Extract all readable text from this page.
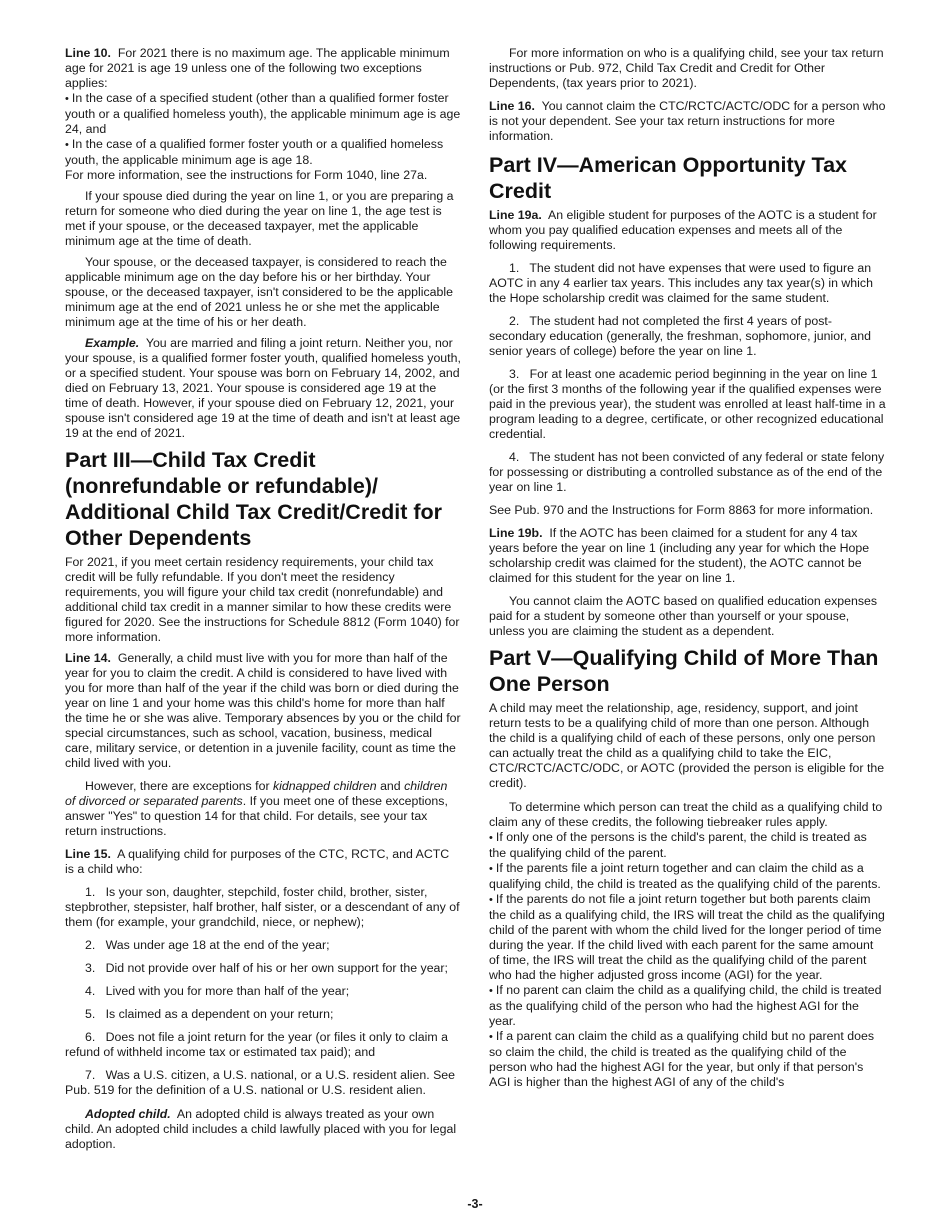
Line 10. For 2021 there is no maximum age. The applicable minimum age for 2021 is age 19 unless one of the following two exceptions applies:

• In the case of a specified student (other than a qualified former foster youth or a qualified homeless youth), the applicable minimum age is age 24, and

• In the case of a qualified former foster youth or a qualified homeless youth, the applicable minimum age is age 18.

For more information, see the instructions for Form 1040, line 27a.

If your spouse died during the year on line 1, or you are preparing a return for someone who died during the year on line 1, the age test is met if your spouse, or the deceased taxpayer, met the applicable minimum age at the time of death.

Your spouse, or the deceased taxpayer, is considered to reach the applicable minimum age on the day before his or her birthday. Your spouse, or the deceased taxpayer, isn't considered to be the applicable minimum age at the end of 2021 unless he or she met the applicable minimum age at the time of his or her death.

Example. You are married and filing a joint return. Neither you, nor your spouse, is a qualified former foster youth, qualified homeless youth, or a specified student. Your spouse was born on February 14, 2002, and died on February 13, 2021. Your spouse is considered age 19 at the time of death. However, if your spouse died on February 12, 2021, your spouse isn't considered age 19 at the time of death and isn't at least age 19 at the end of 2021.

Part III—Child Tax Credit (nonrefundable or refundable)/ Additional Child Tax Credit/Credit for Other Dependents

For 2021, if you meet certain residency requirements, your child tax credit will be fully refundable. If you don't meet the residency requirements, you will figure your child tax credit (nonrefundable) and additional child tax credit in a manner similar to how these credits were figured for 2020. See the instructions for Schedule 8812 (Form 1040) for more information.

Line 14. Generally, a child must live with you for more than half of the year for you to claim the credit. A child is considered to have lived with you for more than half of the year if the child was born or died during the year on line 1 and your home was this child's home for more than half the time he or she was alive. Temporary absences by you or the child for special circumstances, such as school, vacation, business, medical care, military service, or detention in a juvenile facility, count as time the child lived with you.

However, there are exceptions for kidnapped children and children of divorced or separated parents. If you meet one of these exceptions, answer "Yes" to question 14 for that child. For details, see your tax return instructions.

Line 15. A qualifying child for purposes of the CTC, RCTC, and ACTC is a child who:

1.   Is your son, daughter, stepchild, foster child, brother, sister, stepbrother, stepsister, half brother, half sister, or a descendant of any of them (for example, your grandchild, niece, or nephew);

2.   Was under age 18 at the end of the year;

3.   Did not provide over half of his or her own support for the year;

4.   Lived with you for more than half of the year;

5.   Is claimed as a dependent on your return;

6.   Does not file a joint return for the year (or files it only to claim a refund of withheld income tax or estimated tax paid); and

7.   Was a U.S. citizen, a U.S. national, or a U.S. resident alien. See Pub. 519 for the definition of a U.S. national or U.S. resident alien.

Adopted child. An adopted child is always treated as your own child. An adopted child includes a child lawfully placed with you for legal adoption.

For more information on who is a qualifying child, see your tax return instructions or Pub. 972, Child Tax Credit and Credit for Other Dependents, (tax years prior to 2021).

Line 16. You cannot claim the CTC/RCTC/ACTC/ODC for a person who is not your dependent. See your tax return instructions for more information.

Part IV—American Opportunity Tax Credit

Line 19a. An eligible student for purposes of the AOTC is a student for whom you pay qualified education expenses and meets all of the following requirements.

1.   The student did not have expenses that were used to figure an AOTC in any 4 earlier tax years. This includes any tax year(s) in which the Hope scholarship credit was claimed for the same student.

2.   The student had not completed the first 4 years of post-secondary education (generally, the freshman, sophomore, junior, and senior years of college) before the year on line 1.

3.   For at least one academic period beginning in the year on line 1 (or the first 3 months of the following year if the qualified expenses were paid in the previous year), the student was enrolled at least half-time in a program leading to a degree, certificate, or other recognized educational credential.

4.   The student has not been convicted of any federal or state felony for possessing or distributing a controlled substance as of the end of the year on line 1.

See Pub. 970 and the Instructions for Form 8863 for more information.

Line 19b. If the AOTC has been claimed for a student for any 4 tax years before the year on line 1 (including any year for which the Hope scholarship credit was claimed for the student), the AOTC cannot be claimed for this student for the year on line 1.

You cannot claim the AOTC based on qualified education expenses paid for a student by someone other than yourself or your spouse, unless you are claiming the student as a dependent.

Part V—Qualifying Child of More Than One Person

A child may meet the relationship, age, residency, support, and joint return tests to be a qualifying child of more than one person. Although the child is a qualifying child of each of these persons, only one person can actually treat the child as a qualifying child to take the EIC, CTC/RCTC/ACTC/ODC, or AOTC (provided the person is eligible for the credit).

To determine which person can treat the child as a qualifying child to claim any of these credits, the following tiebreaker rules apply.

• If only one of the persons is the child's parent, the child is treated as the qualifying child of the parent.

• If the parents file a joint return together and can claim the child as a qualifying child, the child is treated as the qualifying child of the parents.

• If the parents do not file a joint return together but both parents claim the child as a qualifying child, the IRS will treat the child as the qualifying child of the parent with whom the child lived for the longer period of time during the year. If the child lived with each parent for the same amount of time, the IRS will treat the child as the qualifying child of the parent who had the higher adjusted gross income (AGI) for the year.

• If no parent can claim the child as a qualifying child, the child is treated as the qualifying child of the person who had the highest AGI for the year.

• If a parent can claim the child as a qualifying child but no parent does so claim the child, the child is treated as the qualifying child of the person who had the highest AGI for the year, but only if that person's AGI is higher than the highest AGI of any of the child's

-3-
